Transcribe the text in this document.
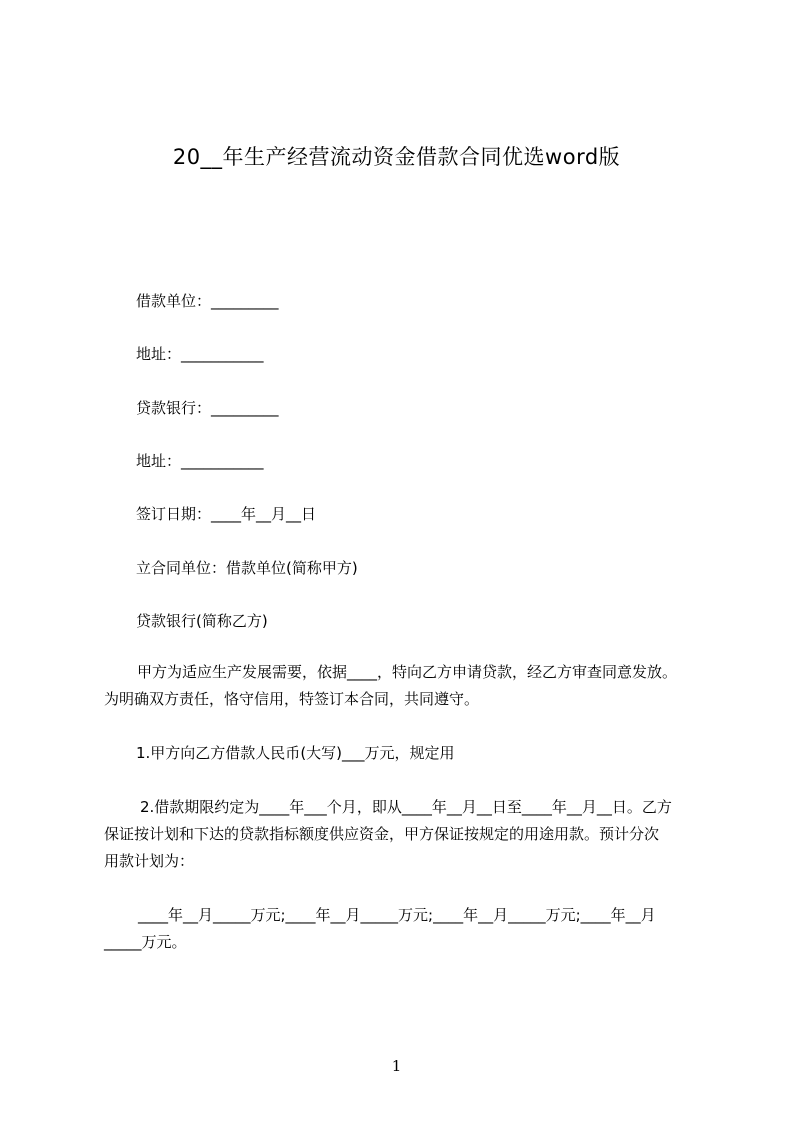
20__年生产经营流动资金借款合同优选word版
借款单位：_________
地址：___________
贷款银行：_________
地址：___________
签订日期：____年__月__日
立合同单位：借款单位(简称甲方)
贷款银行(简称乙方)
甲方为适应生产发展需要，依据____，特向乙方申请贷款，经乙方审查同意发放。
为明确双方责任，恪守信用，特签订本合同，共同遵守。
1.甲方向乙方借款人民币(大写)___万元，规定用
2.借款期限约定为____年___个月，即从____年__月__日至____年__月__日。乙方
保证按计划和下达的贷款指标额度供应资金，甲方保证按规定的用途用款。预计分次
用款计划为：
____年__月_____万元;____年__月_____万元;____年__月_____万元;____年__月
_____万元。
1
